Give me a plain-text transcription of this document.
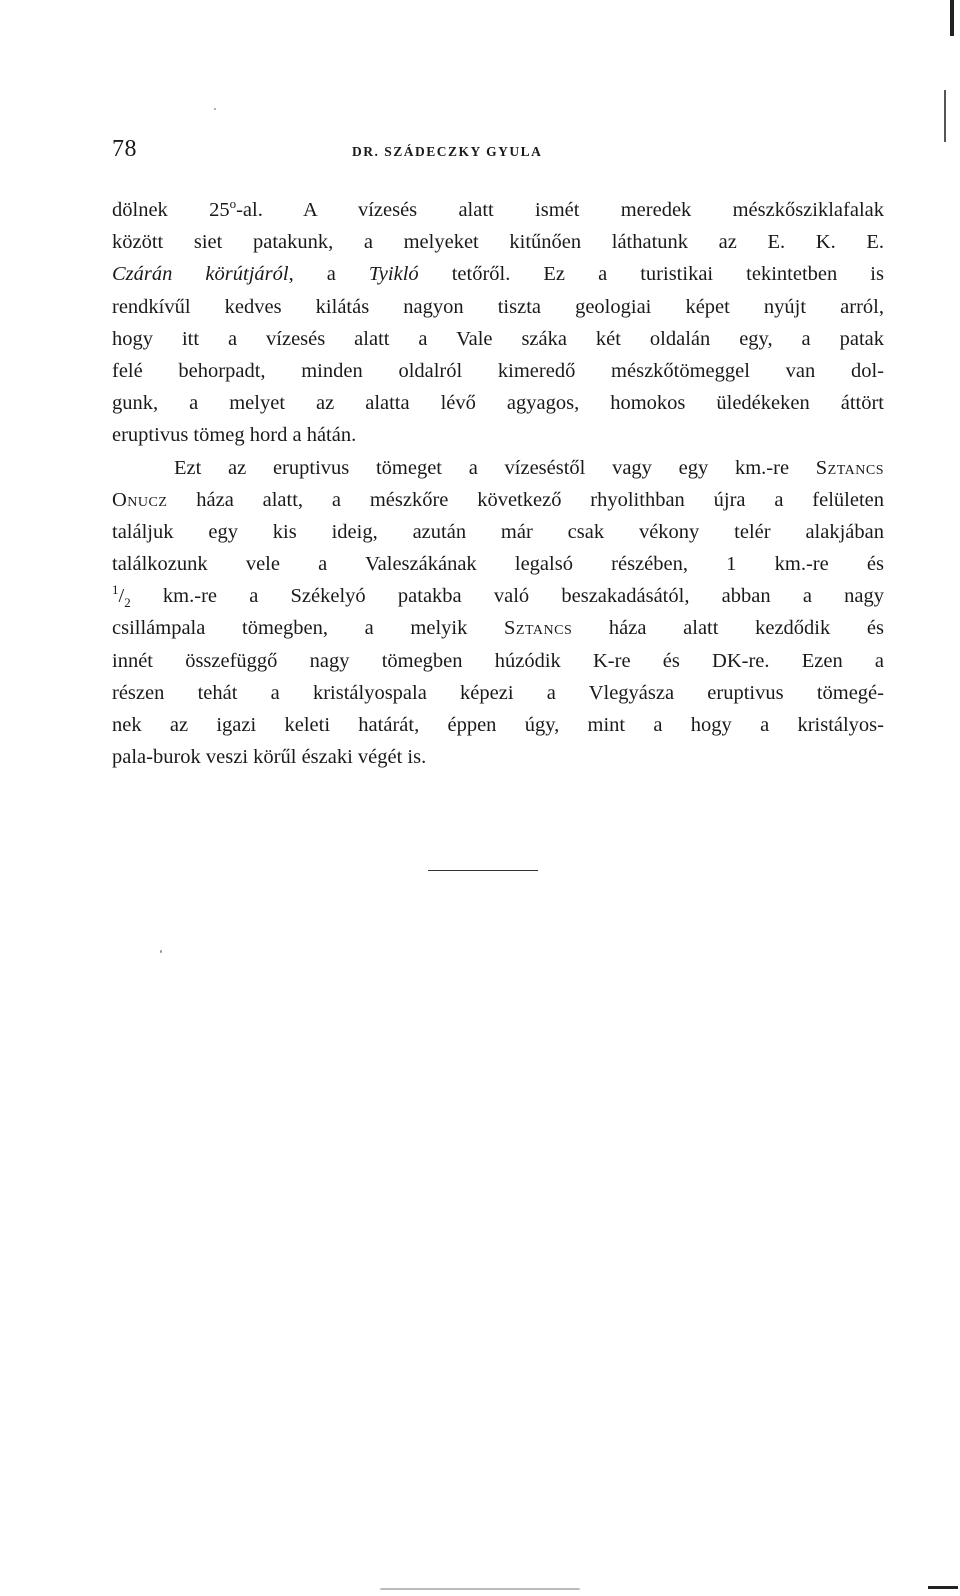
78	DR. SZÁDECZKY GYULA
dölnek 25$^o$-al. A vízesés alatt ismét meredek mészkősziklafalak
között siet patakunk, a melyeket kitűnően láthatunk az E. K. E.
Czárán körútjáról, a Tyikló tetőről. Ez a turistikai tekintetben is
rendkívűl kedves kilátás nagyon tiszta geologiai képet nyújt arról,
hogy itt a vízesés alatt a Vale száka két oldalán egy, a patak
felé behorpadt, minden oldalról kimeredő mészkőtömeggel van dol-
gunk, a melyet az alatta lévő agyagos, homokos üledékeken áttört
eruptivus tömeg hord a hátán.
Ezt az eruptivus tömeget a vízeséstől vagy egy km.-re Sztancs
Onucz háza alatt, a mészkőre következő rhyolithban újra a felületen
találjuk egy kis ideig, azután már csak vékony telér alakjában
találkozunk vele a Valeszákának legalsó részében, 1 km.-re és
$^1/_2$ km.-re a Székelyó patakba való beszakadásától, abban a nagy
csillámpala tömegben, a melyik Sztancs háza alatt kezdődik és
innét összefüggő nagy tömegben húzódik K-re és DK-re. Ezen a
részen tehát a kristályospala képezi a Vlegyásza eruptivus tömegé-
nek az igazi keleti határát, éppen úgy, mint a hogy a kristályos-
pala-burok veszi körűl északi végét is.
